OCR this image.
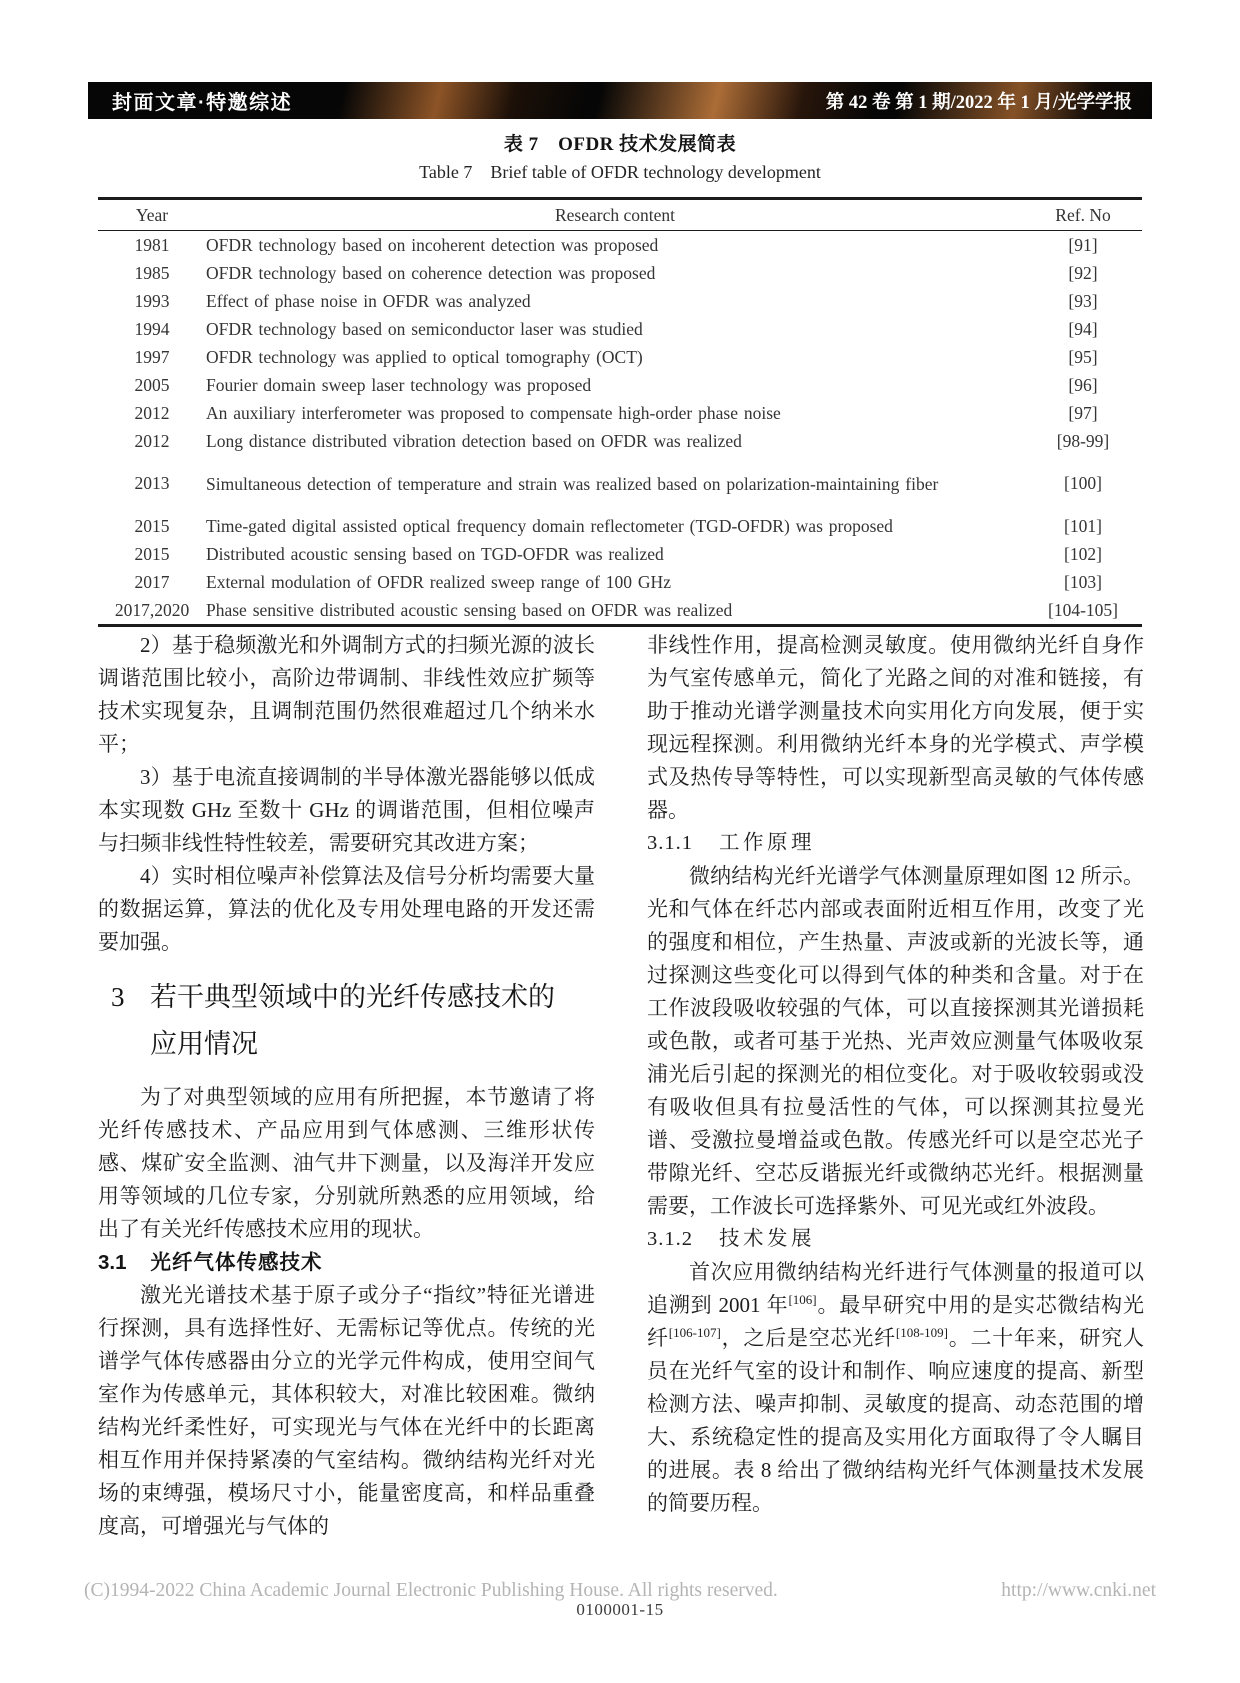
封面文章·特邀综述	第 42 卷 第 1 期/2022 年 1 月/光学学报
表 7　OFDR 技术发展简表
Table 7　Brief table of OFDR technology development
Year	Research content	Ref. No
1981	OFDR technology based on incoherent detection was proposed	[91]
1985	OFDR technology based on coherence detection was proposed	[92]
1993	Effect of phase noise in OFDR was analyzed	[93]
1994	OFDR technology based on semiconductor laser was studied	[94]
1997	OFDR technology was applied to optical tomography (OCT)	[95]
2005	Fourier domain sweep laser technology was proposed	[96]
2012	An auxiliary interferometer was proposed to compensate high-order phase noise	[97]
2012	Long distance distributed vibration detection based on OFDR was realized	[98-99]
2013	Simultaneous detection of temperature and strain was realized based on polarization-maintaining fiber	[100]
2015	Time-gated digital assisted optical frequency domain reflectometer (TGD-OFDR) was proposed	[101]
2015	Distributed acoustic sensing based on TGD-OFDR was realized	[102]
2017	External modulation of OFDR realized sweep range of 100 GHz	[103]
2017,2020	Phase sensitive distributed acoustic sensing based on OFDR was realized	[104-105]

2）基于稳频激光和外调制方式的扫频光源的波长调谐范围比较小，高阶边带调制、非线性效应扩频等技术实现复杂，且调制范围仍然很难超过几个纳米水平；

3）基于电流直接调制的半导体激光器能够以低成本实现数 GHz 至数十 GHz 的调谐范围，但相位噪声与扫频非线性特性较差，需要研究其改进方案；

4）实时相位噪声补偿算法及信号分析均需要大量的数据运算，算法的优化及专用处理电路的开发还需要加强。

3 若干典型领域中的光纤传感技术的应用情况

为了对典型领域的应用有所把握，本节邀请了将光纤传感技术、产品应用到气体感测、三维形状传感、煤矿安全监测、油气井下测量，以及海洋开发应用等领域的几位专家，分别就所熟悉的应用领域，给出了有关光纤传感技术应用的现状。

3.1 光纤气体传感技术

激光光谱技术基于原子或分子“指纹”特征光谱进行探测，具有选择性好、无需标记等优点。传统的光谱学气体传感器由分立的光学元件构成，使用空间气室作为传感单元，其体积较大，对准比较困难。微纳结构光纤柔性好，可实现光与气体在光纤中的长距离相互作用并保持紧凑的气室结构。微纳结构光纤对光场的束缚强，模场尺寸小，能量密度高，和样品重叠度高，可增强光与气体的

非线性作用，提高检测灵敏度。使用微纳光纤自身作为气室传感单元，简化了光路之间的对准和链接，有助于推动光谱学测量技术向实用化方向发展，便于实现远程探测。利用微纳光纤本身的光学模式、声学模式及热传导等特性，可以实现新型高灵敏的气体传感器。

3.1.1 工作原理

微纳结构光纤光谱学气体测量原理如图 12 所示。光和气体在纤芯内部或表面附近相互作用，改变了光的强度和相位，产生热量、声波或新的光波长等，通过探测这些变化可以得到气体的种类和含量。对于在工作波段吸收较强的气体，可以直接探测其光谱损耗或色散，或者可基于光热、光声效应测量气体吸收泵浦光后引起的探测光的相位变化。对于吸收较弱或没有吸收但具有拉曼活性的气体，可以探测其拉曼光谱、受激拉曼增益或色散。传感光纤可以是空芯光子带隙光纤、空芯反谐振光纤或微纳芯光纤。根据测量需要，工作波长可选择紫外、可见光或红外波段。

3.1.2 技术发展

首次应用微纳结构光纤进行气体测量的报道可以追溯到 2001 年[106]。最早研究中用的是实芯微结构光纤[106-107]，之后是空芯光纤[108-109]。二十年来，研究人员在光纤气室的设计和制作、响应速度的提高、新型检测方法、噪声抑制、灵敏度的提高、动态范围的增大、系统稳定性的提高及实用化方面取得了令人瞩目的进展。表 8 给出了微纳结构光纤气体测量技术发展的简要历程。

(C)1994-2022 China Academic Journal Electronic Publishing House. All rights reserved.	http://www.cnki.net
0100001-15
